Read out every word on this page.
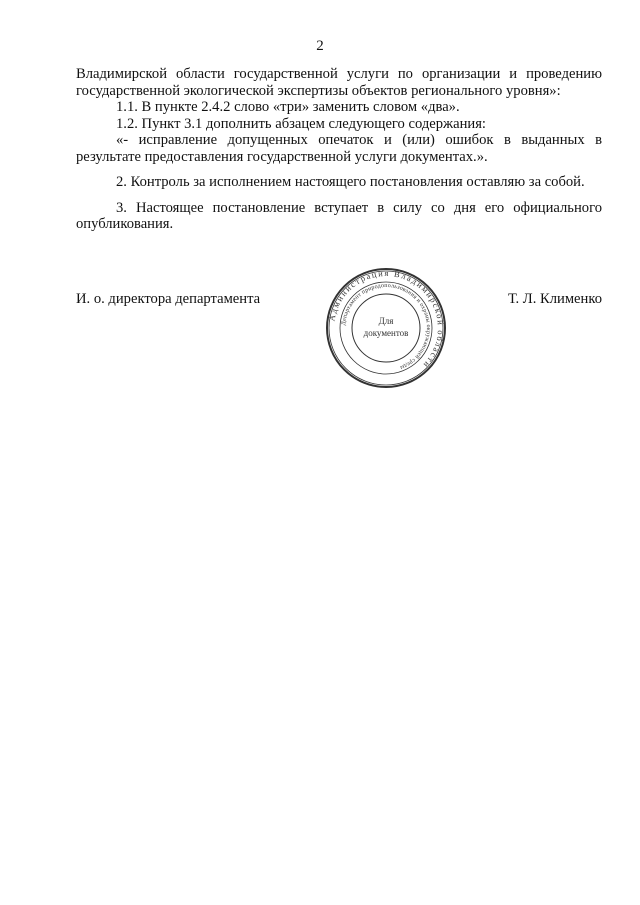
2

Владимирской области государственной услуги по организации и проведению государственной экологической экспертизы объектов регионального уровня»:

1.1. В пункте 2.4.2 слово «три» заменить словом «два».

1.2. Пункт 3.1 дополнить абзацем следующего содержания:

«- исправление допущенных опечаток и (или) ошибок в выданных в результате предоставления государственной услуги документах.».

2. Контроль за исполнением настоящего постановления оставляю за собой.

3. Настоящее постановление вступает в силу со дня его официального опубликования.

И. о. директора департамента
Администрация Владимирской области
Департамент природопользования и охраны окружающей среды
Для
документов
Т. Л. Клименко
